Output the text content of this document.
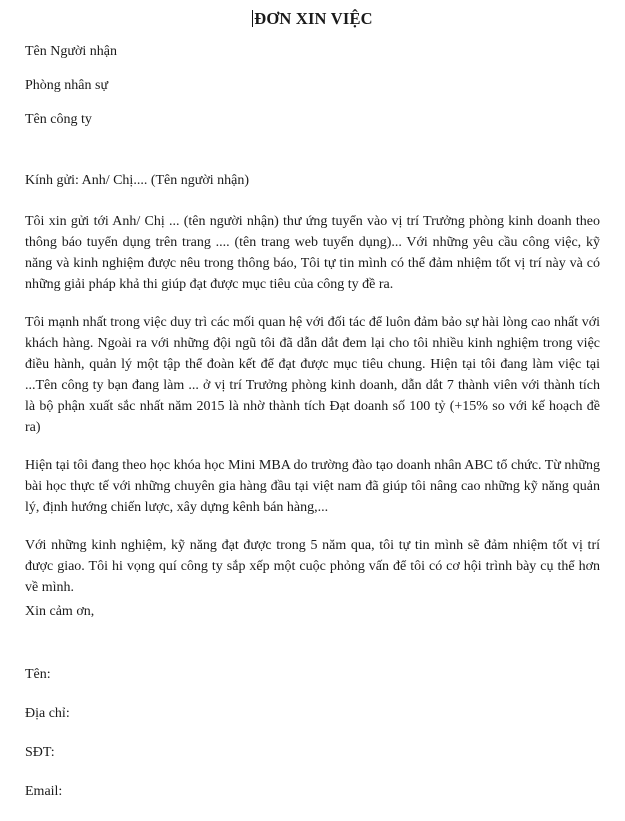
ĐƠN XIN VIỆC
Tên Người nhận
Phòng nhân sự
Tên công ty
Kính gửi: Anh/ Chị.... (Tên người nhận)

Tôi xin gửi tới Anh/ Chị ... (tên người nhận) thư ứng tuyển vào vị trí Trưởng phòng kinh doanh theo thông báo tuyển dụng trên trang .... (tên trang web tuyển dụng)... Với những yêu cầu công việc, kỹ năng và kinh nghiệm được nêu trong thông báo, Tôi tự tin mình có thể đảm nhiệm tốt vị trí này và có những giải pháp khả thi giúp đạt được mục tiêu của công ty đề ra.

Tôi mạnh nhất trong việc duy trì các mối quan hệ với đối tác để luôn đảm bảo sự hài lòng cao nhất với khách hàng. Ngoài ra với những đội ngũ tôi đã dẫn dắt đem lại cho tôi nhiều kinh nghiệm trong việc điều hành, quản lý một tập thể đoàn kết để đạt được mục tiêu chung. Hiện tại tôi đang làm việc tại ...Tên công ty bạn đang làm ... ở vị trí Trưởng phòng kinh doanh, dẫn dắt 7 thành viên với thành tích là bộ phận xuất sắc nhất năm 2015 là nhờ thành tích Đạt doanh số 100 tỷ (+15% so với kế hoạch đề ra)

Hiện tại tôi đang theo học khóa học Mini MBA do trường đào tạo doanh nhân ABC tổ chức. Từ những bài học thực tế với những chuyên gia hàng đầu tại việt nam đã giúp tôi nâng cao những kỹ năng quản lý, định hướng chiến lược, xây dựng kênh bán hàng,...

Với những kinh nghiệm, kỹ năng đạt được trong 5 năm qua, tôi tự tin mình sẽ đảm nhiệm tốt vị trí được giao. Tôi hi vọng quí công ty sắp xếp một cuộc phỏng vấn để tôi có cơ hội trình bày cụ thể hơn về mình.

Xin cảm ơn,
Tên:
Địa chỉ:
SĐT:
Email:
